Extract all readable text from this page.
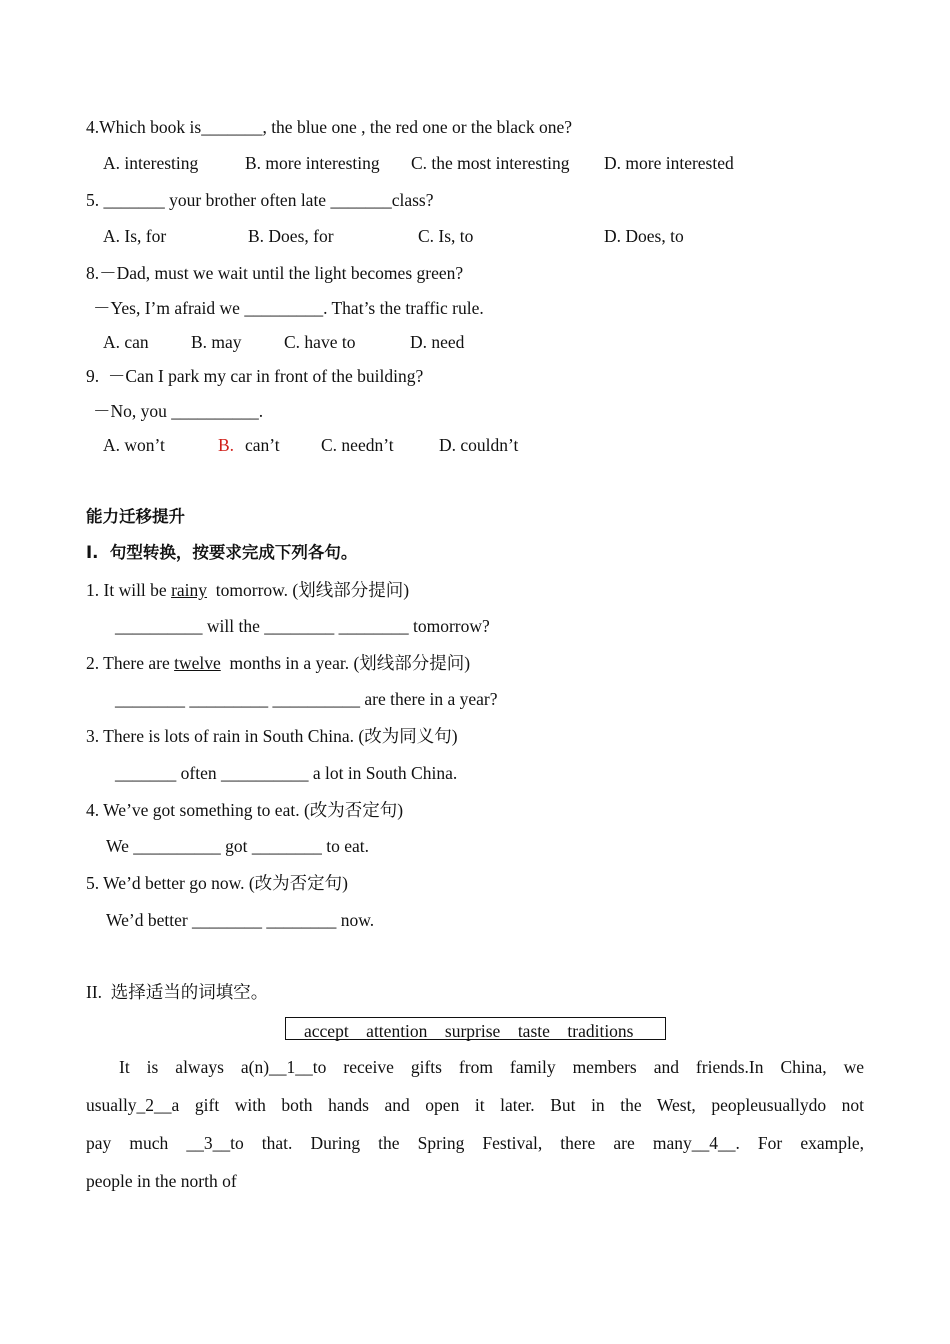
4.Which book is_______, the blue one , the red one or the black one?
A. interesting	B. more interesting C. the most interesting D. more interested
5. _______ your brother often late _______class?
A. Is, for	B. Does, for	C. Is, to	D. Does, to
8.－Dad, must we wait until the light becomes green?
－Yes, I’m afraid we _________. That’s the traffic rule.
A. can B. may C. have to	D. need
9.  －Can I park my car in front of the building?
－No, you __________.
A. won’t	B. can’t C. needn’t	D. couldn’t
能力迁移提升
I.  句型转换，按要求完成下列各句。
1. It will be rainy  tomorrow. (划线部分提问)
__________ will the ________ ________ tomorrow?
2. There are twelve  months in a year. (划线部分提问)
________ _________ __________ are there in a year?
3. There is lots of rain in South China. (改为同义句)
_______ often __________ a lot in South China.
4. We’ve got something to eat. (改为否定句)
We __________ got ________ to eat.
5. We’d better go now. (改为否定句)
We’d better ________ ________ now.
II.  选择适当的词填空。
accept    attention    surprise    taste    traditions
It is always a(n)__1__to receive gifts from family members and friends.In China, we
usually_2__a gift with both hands and open it later. But in the West, peopleusuallydo not
pay much __3__to that. During the Spring Festival, there are many__4__. For example,
people in the north of
